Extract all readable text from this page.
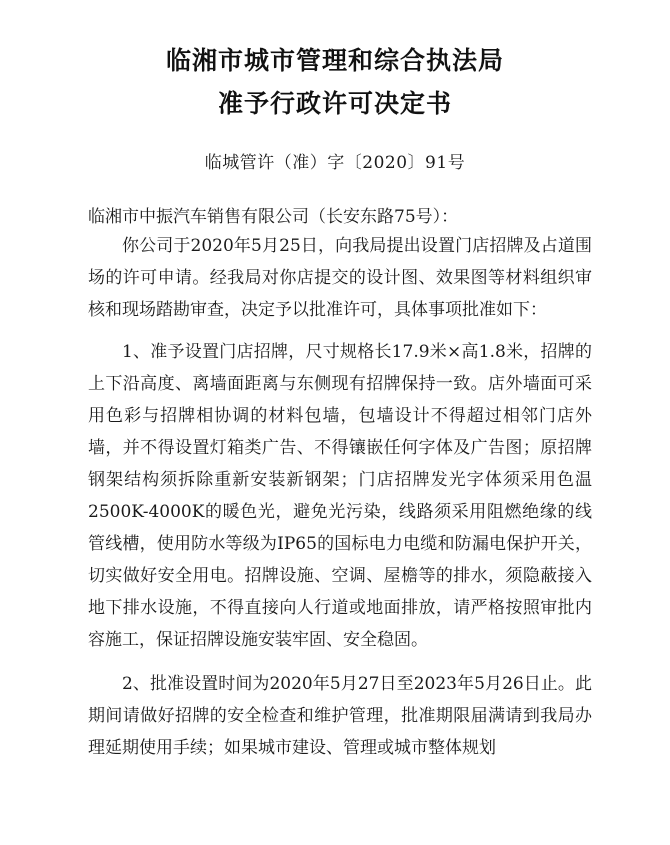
临湘市城市管理和综合执法局
准予行政许可决定书

临城管许（准）字〔2020〕91号

临湘市中振汽车销售有限公司（长安东路75号）：

你公司于2020年5月25日，向我局提出设置门店招牌及占道围场的许可申请。经我局对你店提交的设计图、效果图等材料组织审核和现场踏勘审查，决定予以批准许可，具体事项批准如下：

1、准予设置门店招牌，尺寸规格长17.9米×高1.8米，招牌的上下沿高度、离墙面距离与东侧现有招牌保持一致。店外墙面可采用色彩与招牌相协调的材料包墙，包墙设计不得超过相邻门店外墙，并不得设置灯箱类广告、不得镶嵌任何字体及广告图；原招牌钢架结构须拆除重新安装新钢架；门店招牌发光字体须采用色温2500K-4000K的暖色光，避免光污染，线路须采用阻燃绝缘的线管线槽，使用防水等级为IP65的国标电力电缆和防漏电保护开关，切实做好安全用电。招牌设施、空调、屋檐等的排水，须隐蔽接入地下排水设施，不得直接向人行道或地面排放，请严格按照审批内容施工，保证招牌设施安装牢固、安全稳固。

2、批准设置时间为2020年5月27日至2023年5月26日止。此期间请做好招牌的安全检查和维护管理，批准期限届满请到我局办理延期使用手续；如果城市建设、管理或城市整体规划
